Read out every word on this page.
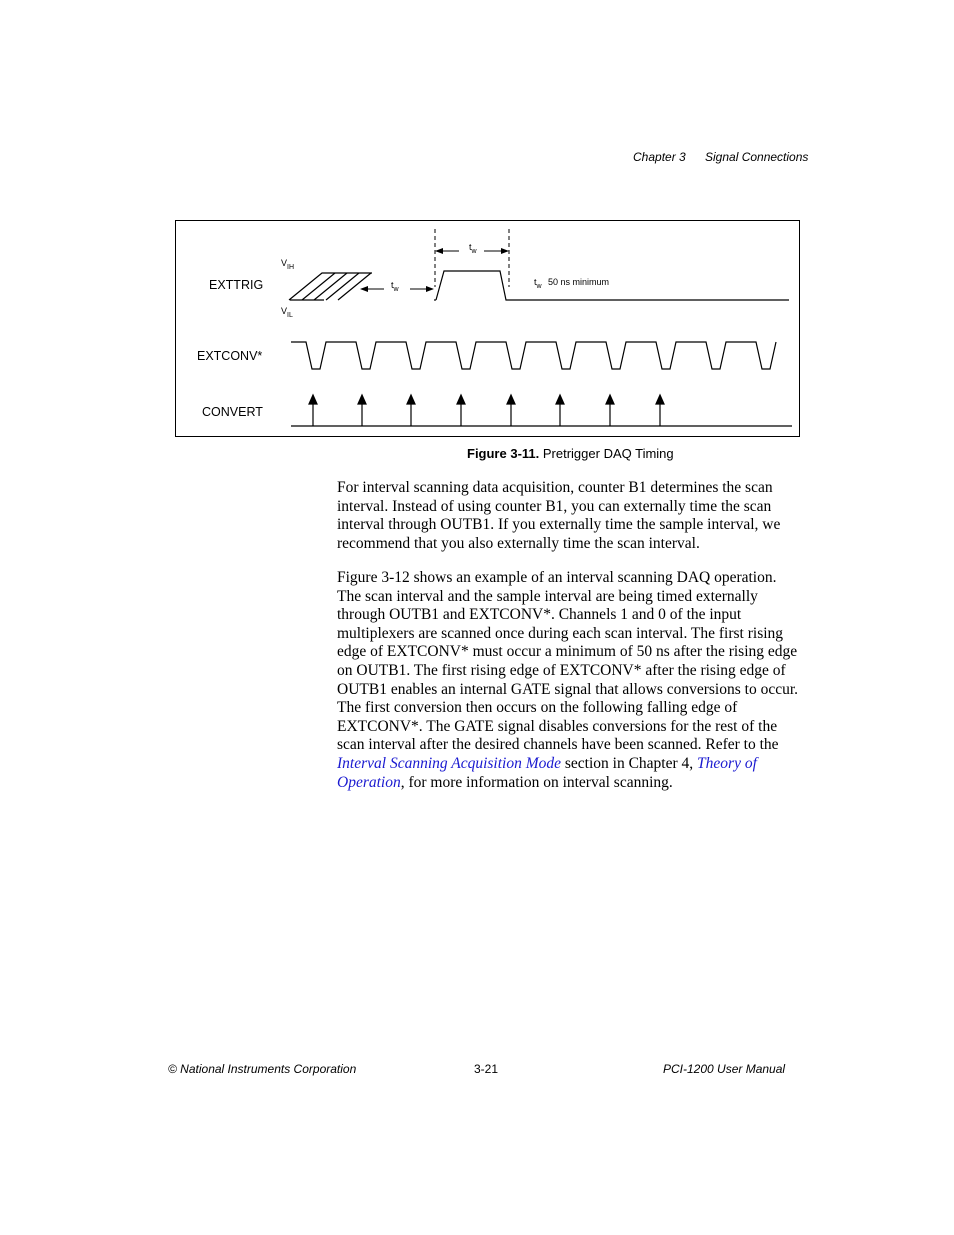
Chapter 3 Signal Connections
EXTTRIG
EXTCONV*
CONVERT
$V_{IH}$
$V_{IL}$
$t_w$
$t_w$
$t_w$ 50 ns minimum
Figure 3-11. Pretrigger DAQ Timing

For interval scanning data acquisition, counter B1 determines the scan interval. Instead of using counter B1, you can externally time the scan interval through OUTB1. If you externally time the sample interval, we recommend that you also externally time the scan interval.

Figure 3-12 shows an example of an interval scanning DAQ operation. The scan interval and the sample interval are being timed externally through OUTB1 and EXTCONV*. Channels 1 and 0 of the input multiplexers are scanned once during each scan interval. The first rising edge of EXTCONV* must occur a minimum of 50 ns after the rising edge on OUTB1. The first rising edge of EXTCONV* after the rising edge of OUTB1 enables an internal GATE signal that allows conversions to occur. The first conversion then occurs on the following falling edge of EXTCONV*. The GATE signal disables conversions for the rest of the scan interval after the desired channels have been scanned. Refer to the Interval Scanning Acquisition Mode section in Chapter 4, Theory of Operation, for more information on interval scanning.

© National Instruments Corporation	3-21	PCI-1200 User Manual
